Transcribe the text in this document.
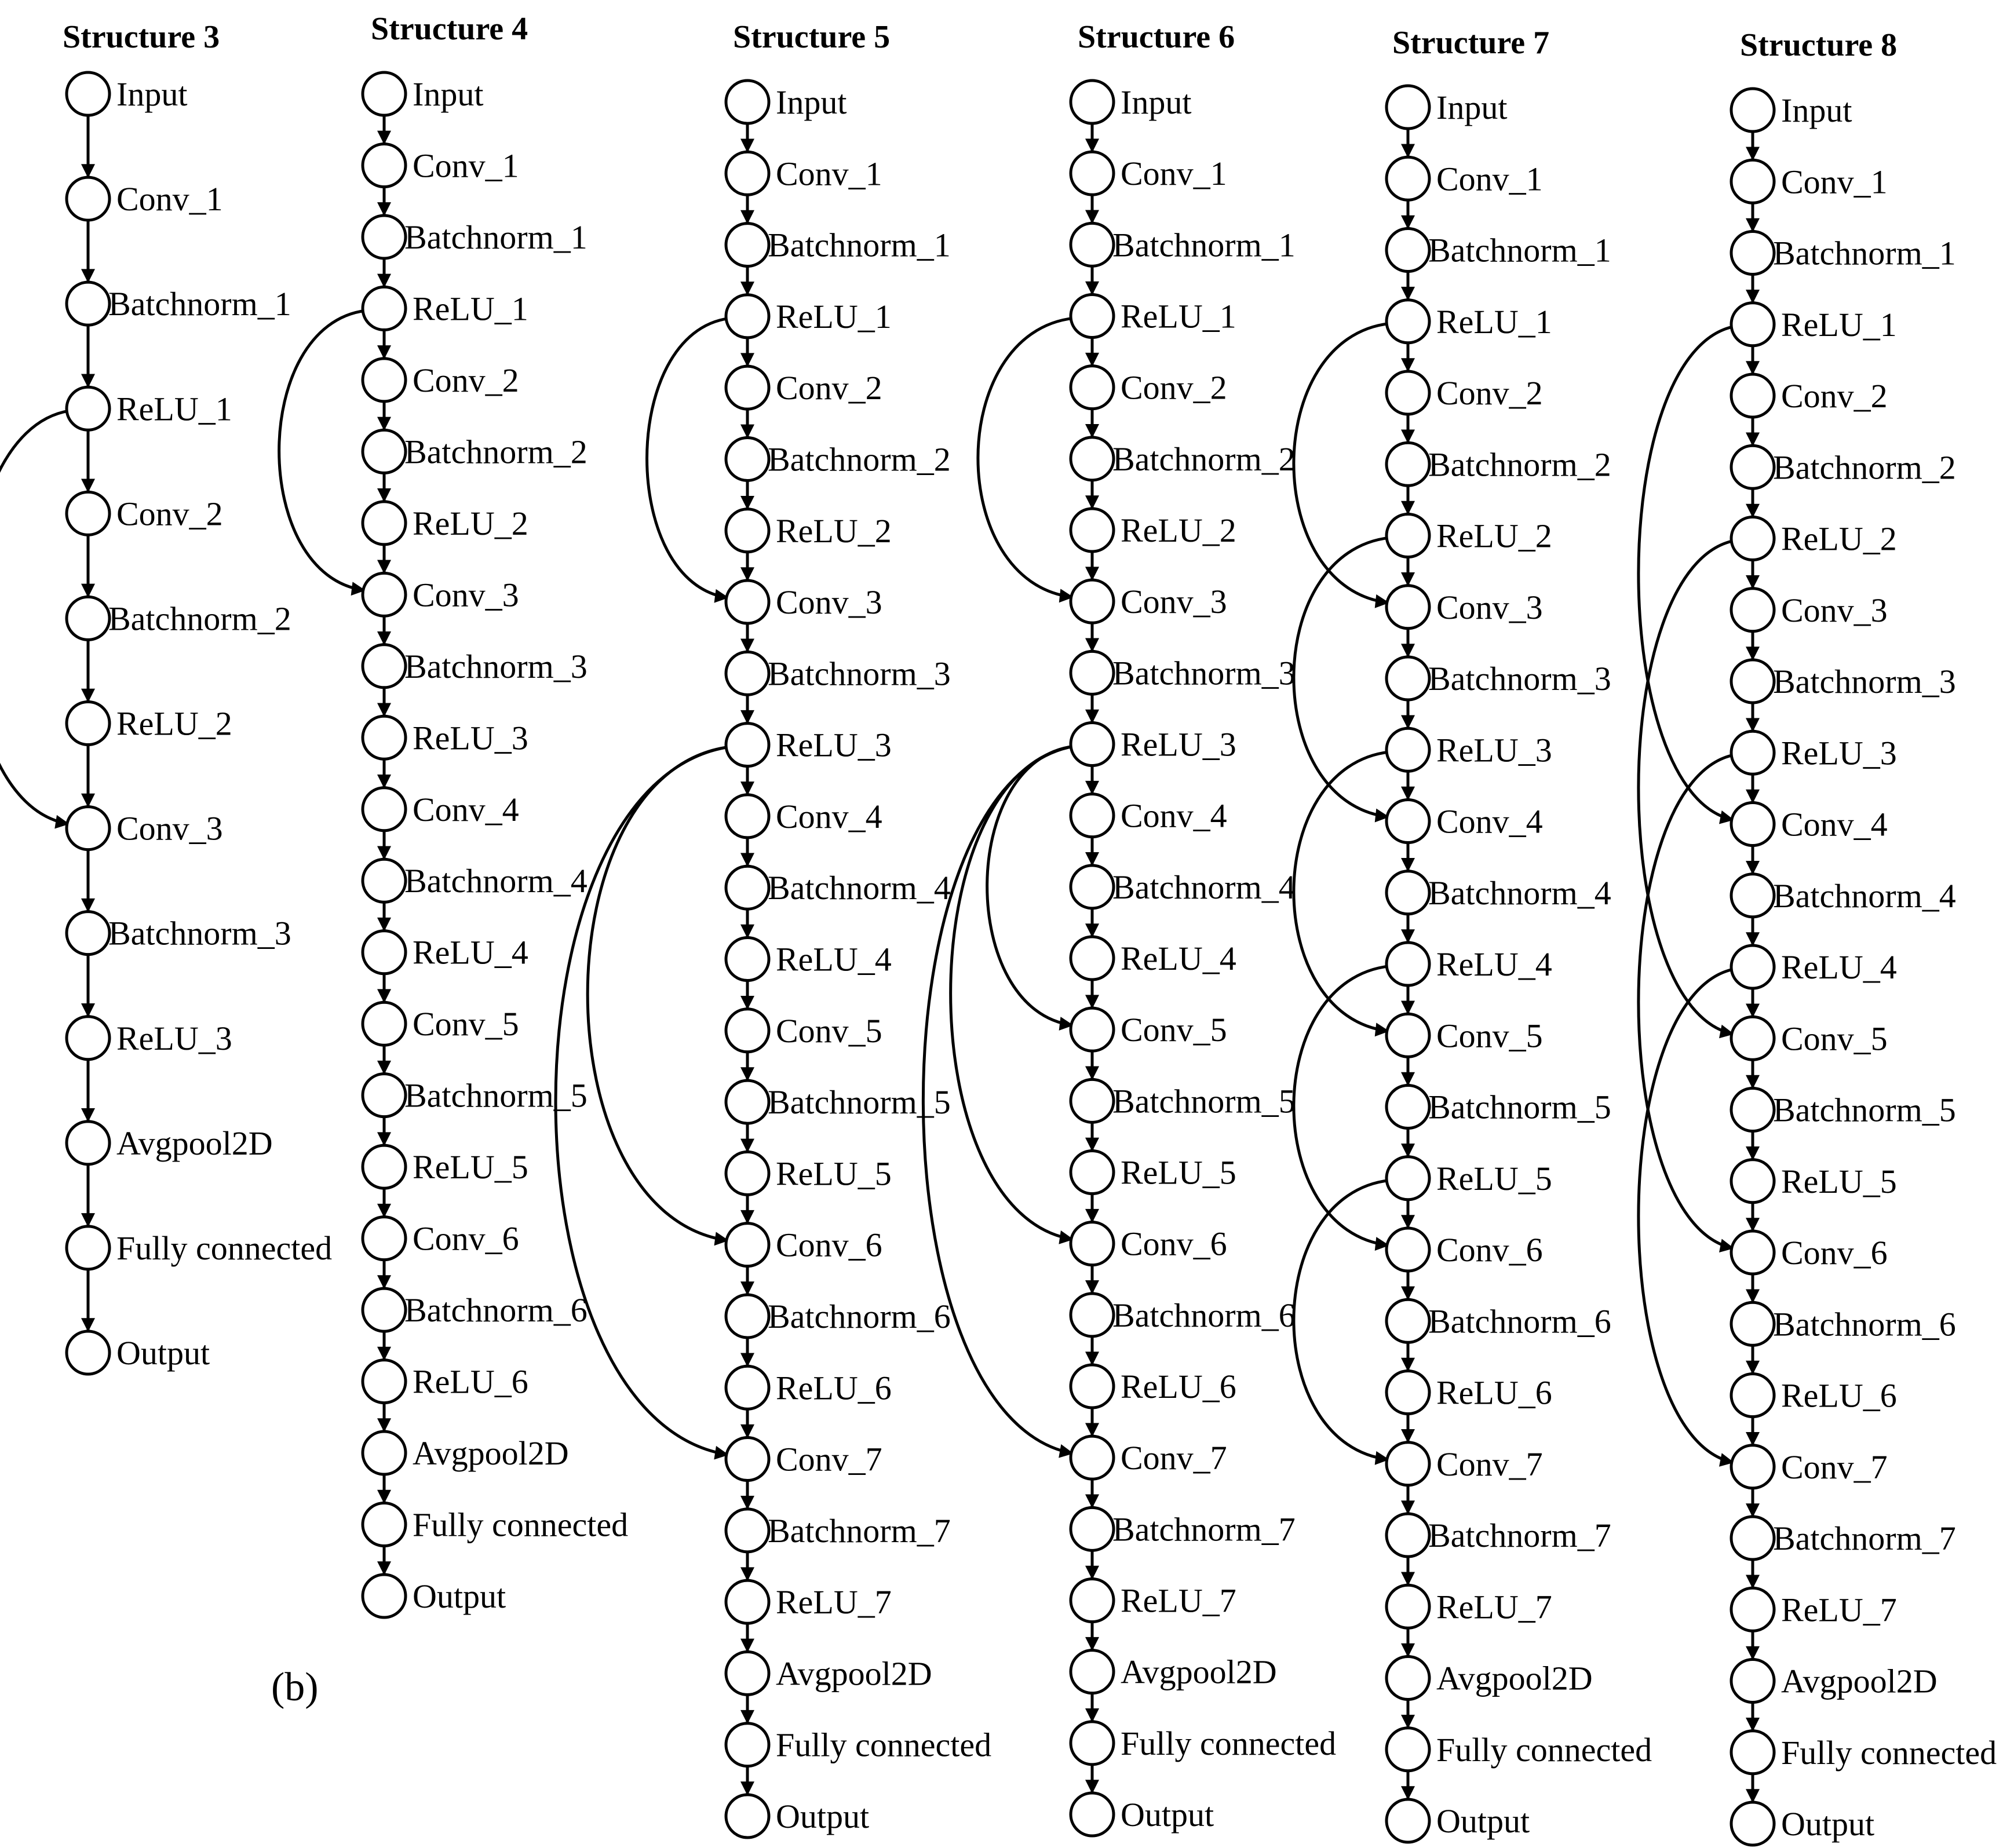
Structure 3
Input
Conv_1
Batchnorm_1
ReLU_1
Conv_2
Batchnorm_2
ReLU_2
Conv_3
Batchnorm_3
ReLU_3
Avgpool2D
Fully connected
Output
Structure 4
Input
Conv_1
Batchnorm_1
ReLU_1
Conv_2
Batchnorm_2
ReLU_2
Conv_3
Batchnorm_3
ReLU_3
Conv_4
Batchnorm_4
ReLU_4
Conv_5
Batchnorm_5
ReLU_5
Conv_6
Batchnorm_6
ReLU_6
Avgpool2D
Fully connected
Output
Structure 5
Input
Conv_1
Batchnorm_1
ReLU_1
Conv_2
Batchnorm_2
ReLU_2
Conv_3
Batchnorm_3
ReLU_3
Conv_4
Batchnorm_4
ReLU_4
Conv_5
Batchnorm_5
ReLU_5
Conv_6
Batchnorm_6
ReLU_6
Conv_7
Batchnorm_7
ReLU_7
Avgpool2D
Fully connected
Output
Structure 6
Input
Conv_1
Batchnorm_1
ReLU_1
Conv_2
Batchnorm_2
ReLU_2
Conv_3
Batchnorm_3
ReLU_3
Conv_4
Batchnorm_4
ReLU_4
Conv_5
Batchnorm_5
ReLU_5
Conv_6
Batchnorm_6
ReLU_6
Conv_7
Batchnorm_7
ReLU_7
Avgpool2D
Fully connected
Output
Structure 7
Input
Conv_1
Batchnorm_1
ReLU_1
Conv_2
Batchnorm_2
ReLU_2
Conv_3
Batchnorm_3
ReLU_3
Conv_4
Batchnorm_4
ReLU_4
Conv_5
Batchnorm_5
ReLU_5
Conv_6
Batchnorm_6
ReLU_6
Conv_7
Batchnorm_7
ReLU_7
Avgpool2D
Fully connected
Output
Structure 8
Input
Conv_1
Batchnorm_1
ReLU_1
Conv_2
Batchnorm_2
ReLU_2
Conv_3
Batchnorm_3
ReLU_3
Conv_4
Batchnorm_4
ReLU_4
Conv_5
Batchnorm_5
ReLU_5
Conv_6
Batchnorm_6
ReLU_6
Conv_7
Batchnorm_7
ReLU_7
Avgpool2D
Fully connected
Output
(b)
